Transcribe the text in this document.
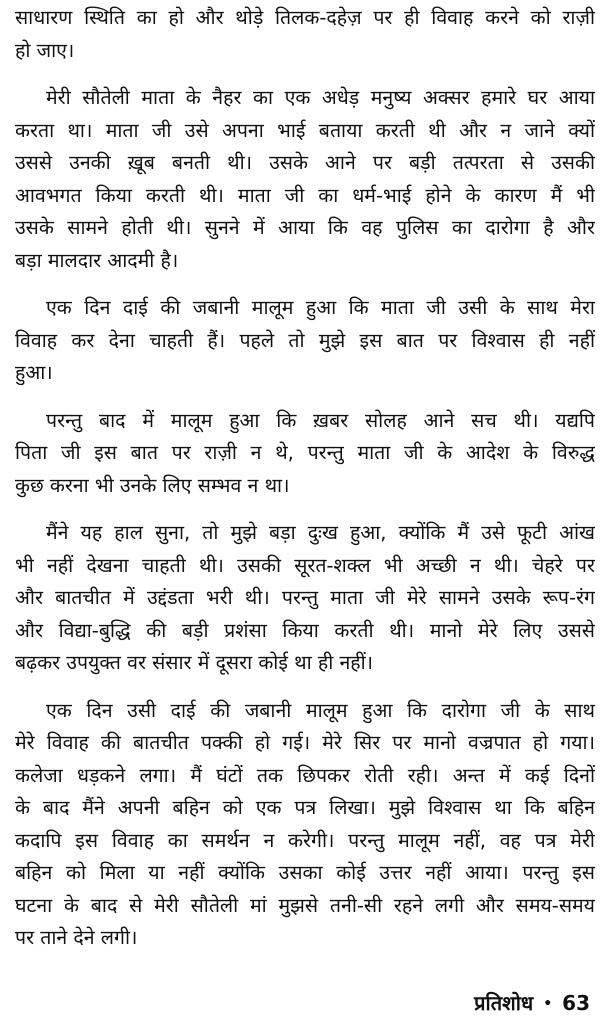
साधारण स्थिति का हो और थोड़े तिलक-दहेज़ पर ही विवाह करने को राज़ी
हो जाए।
मेरी सौतेली माता के नैहर का एक अधेड़ मनुष्य अक्सर हमारे घर आया
करता था। माता जी उसे अपना भाई बताया करती थी और न जाने क्यों
उससे उनकी ख़ूब बनती थी। उसके आने पर बड़ी तत्परता से उसकी
आवभगत किया करती थी। माता जी का धर्म-भाई होने के कारण मैं भी
उसके सामने होती थी। सुनने में आया कि वह पुलिस का दारोगा है और
बड़ा मालदार आदमी है।
एक दिन दाई की जबानी मालूम हुआ कि माता जी उसी के साथ मेरा
विवाह कर देना चाहती हैं। पहले तो मुझे इस बात पर विश्वास ही नहीं
हुआ।
परन्तु बाद में मालूम हुआ कि ख़बर सोलह आने सच थी। यद्यपि
पिता जी इस बात पर राज़ी न थे, परन्तु माता जी के आदेश के विरुद्ध
कुछ करना भी उनके लिए सम्भव न था।
मैंने यह हाल सुना, तो मुझे बड़ा दुःख हुआ, क्योंकि मैं उसे फूटी आंख
भी नहीं देखना चाहती थी। उसकी सूरत-शक्ल भी अच्छी न थी। चेहरे पर
और बातचीत में उद्दंडता भरी थी। परन्तु माता जी मेरे सामने उसके रूप-रंग
और विद्या-बुद्धि की बड़ी प्रशंसा किया करती थी। मानो मेरे लिए उससे
बढ़कर उपयुक्त वर संसार में दूसरा कोई था ही नहीं।
एक दिन उसी दाई की जबानी मालूम हुआ कि दारोगा जी के साथ
मेरे विवाह की बातचीत पक्की हो गई। मेरे सिर पर मानो वज्रपात हो गया।
कलेजा धड़कने लगा। मैं घंटों तक छिपकर रोती रही। अन्त में कई दिनों
के बाद मैंने अपनी बहिन को एक पत्र लिखा। मुझे विश्वास था कि बहिन
कदापि इस विवाह का समर्थन न करेगी। परन्तु मालूम नहीं, वह पत्र मेरी
बहिन को मिला या नहीं क्योंकि उसका कोई उत्तर नहीं आया। परन्तु इस
घटना के बाद से मेरी सौतेली मां मुझसे तनी-सी रहने लगी और समय-समय
पर ताने देने लगी।
प्रतिशोध • 63
